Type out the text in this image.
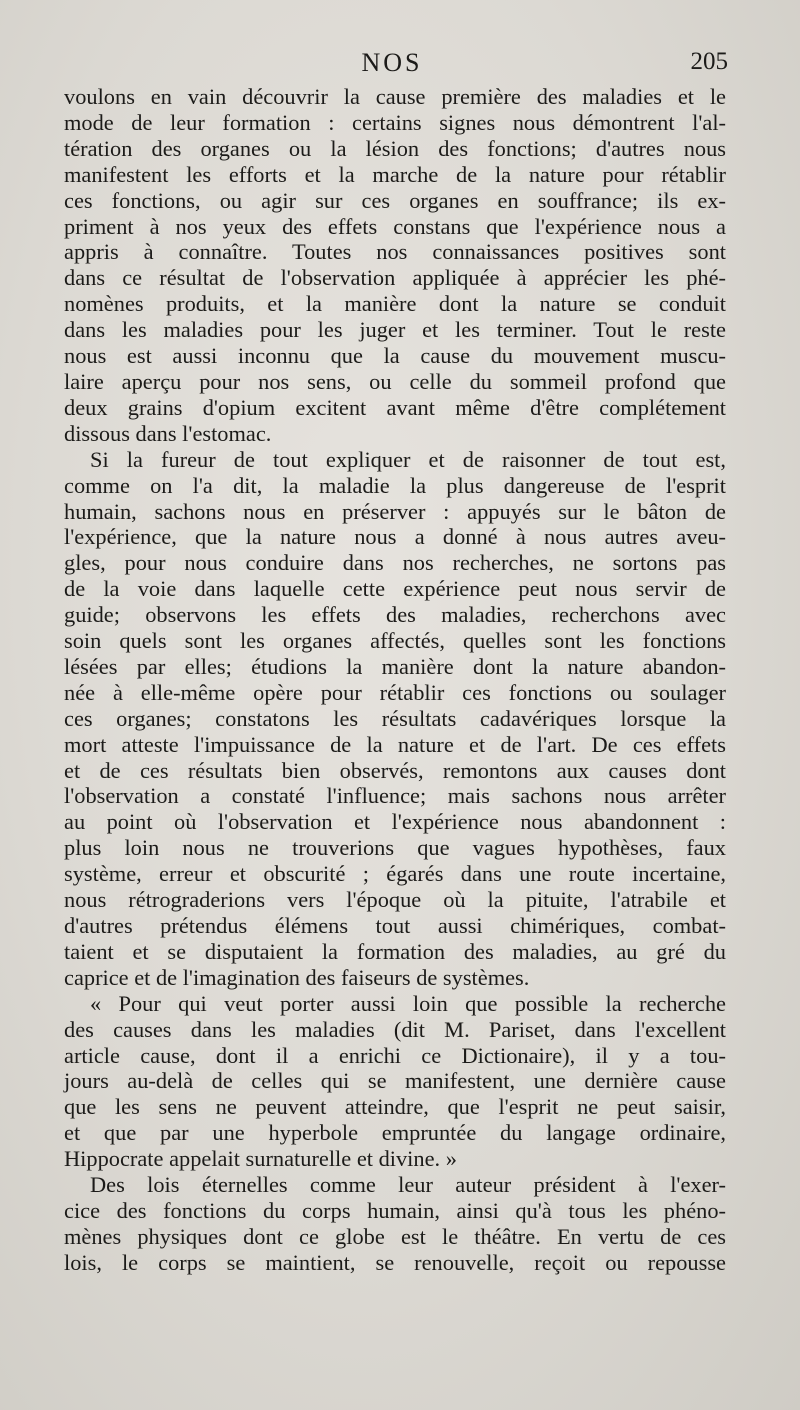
NOS	205

voulons en vain découvrir la cause première des maladies et le
mode de leur formation : certains signes nous démontrent l'al-
tération des organes ou la lésion des fonctions; d'autres nous
manifestent les efforts et la marche de la nature pour rétablir
ces fonctions, ou agir sur ces organes en souffrance; ils ex-
priment à nos yeux des effets constans que l'expérience nous a
appris à connaître. Toutes nos connaissances positives sont
dans ce résultat de l'observation appliquée à apprécier les phé-
nomènes produits, et la manière dont la nature se conduit
dans les maladies pour les juger et les terminer. Tout le reste
nous est aussi inconnu que la cause du mouvement muscu-
laire aperçu pour nos sens, ou celle du sommeil profond que
deux grains d'opium excitent avant même d'être complétement
dissous dans l'estomac.

Si la fureur de tout expliquer et de raisonner de tout est,
comme on l'a dit, la maladie la plus dangereuse de l'esprit
humain, sachons nous en préserver : appuyés sur le bâton de
l'expérience, que la nature nous a donné à nous autres aveu-
gles, pour nous conduire dans nos recherches, ne sortons pas
de la voie dans laquelle cette expérience peut nous servir de
guide; observons les effets des maladies, recherchons avec
soin quels sont les organes affectés, quelles sont les fonctions
lésées par elles; étudions la manière dont la nature abandon-
née à elle-même opère pour rétablir ces fonctions ou soulager
ces organes; constatons les résultats cadavériques lorsque la
mort atteste l'impuissance de la nature et de l'art. De ces effets
et de ces résultats bien observés, remontons aux causes dont
l'observation a constaté l'influence; mais sachons nous arrêter
au point où l'observation et l'expérience nous abandonnent :
plus loin nous ne trouverions que vagues hypothèses, faux
système, erreur et obscurité ; égarés dans une route incertaine,
nous rétrograderions vers l'époque où la pituite, l'atrabile et
d'autres prétendus élémens tout aussi chimériques, combat-
taient et se disputaient la formation des maladies, au gré du
caprice et de l'imagination des faiseurs de systèmes.

« Pour qui veut porter aussi loin que possible la recherche
des causes dans les maladies (dit M. Pariset, dans l'excellent
article cause, dont il a enrichi ce Dictionaire), il y a tou-
jours au-delà de celles qui se manifestent, une dernière cause
que les sens ne peuvent atteindre, que l'esprit ne peut saisir,
et que par une hyperbole empruntée du langage ordinaire,
Hippocrate appelait surnaturelle et divine. »

Des lois éternelles comme leur auteur président à l'exer-
cice des fonctions du corps humain, ainsi qu'à tous les phéno-
mènes physiques dont ce globe est le théâtre. En vertu de ces
lois, le corps se maintient, se renouvelle, reçoit ou repousse
